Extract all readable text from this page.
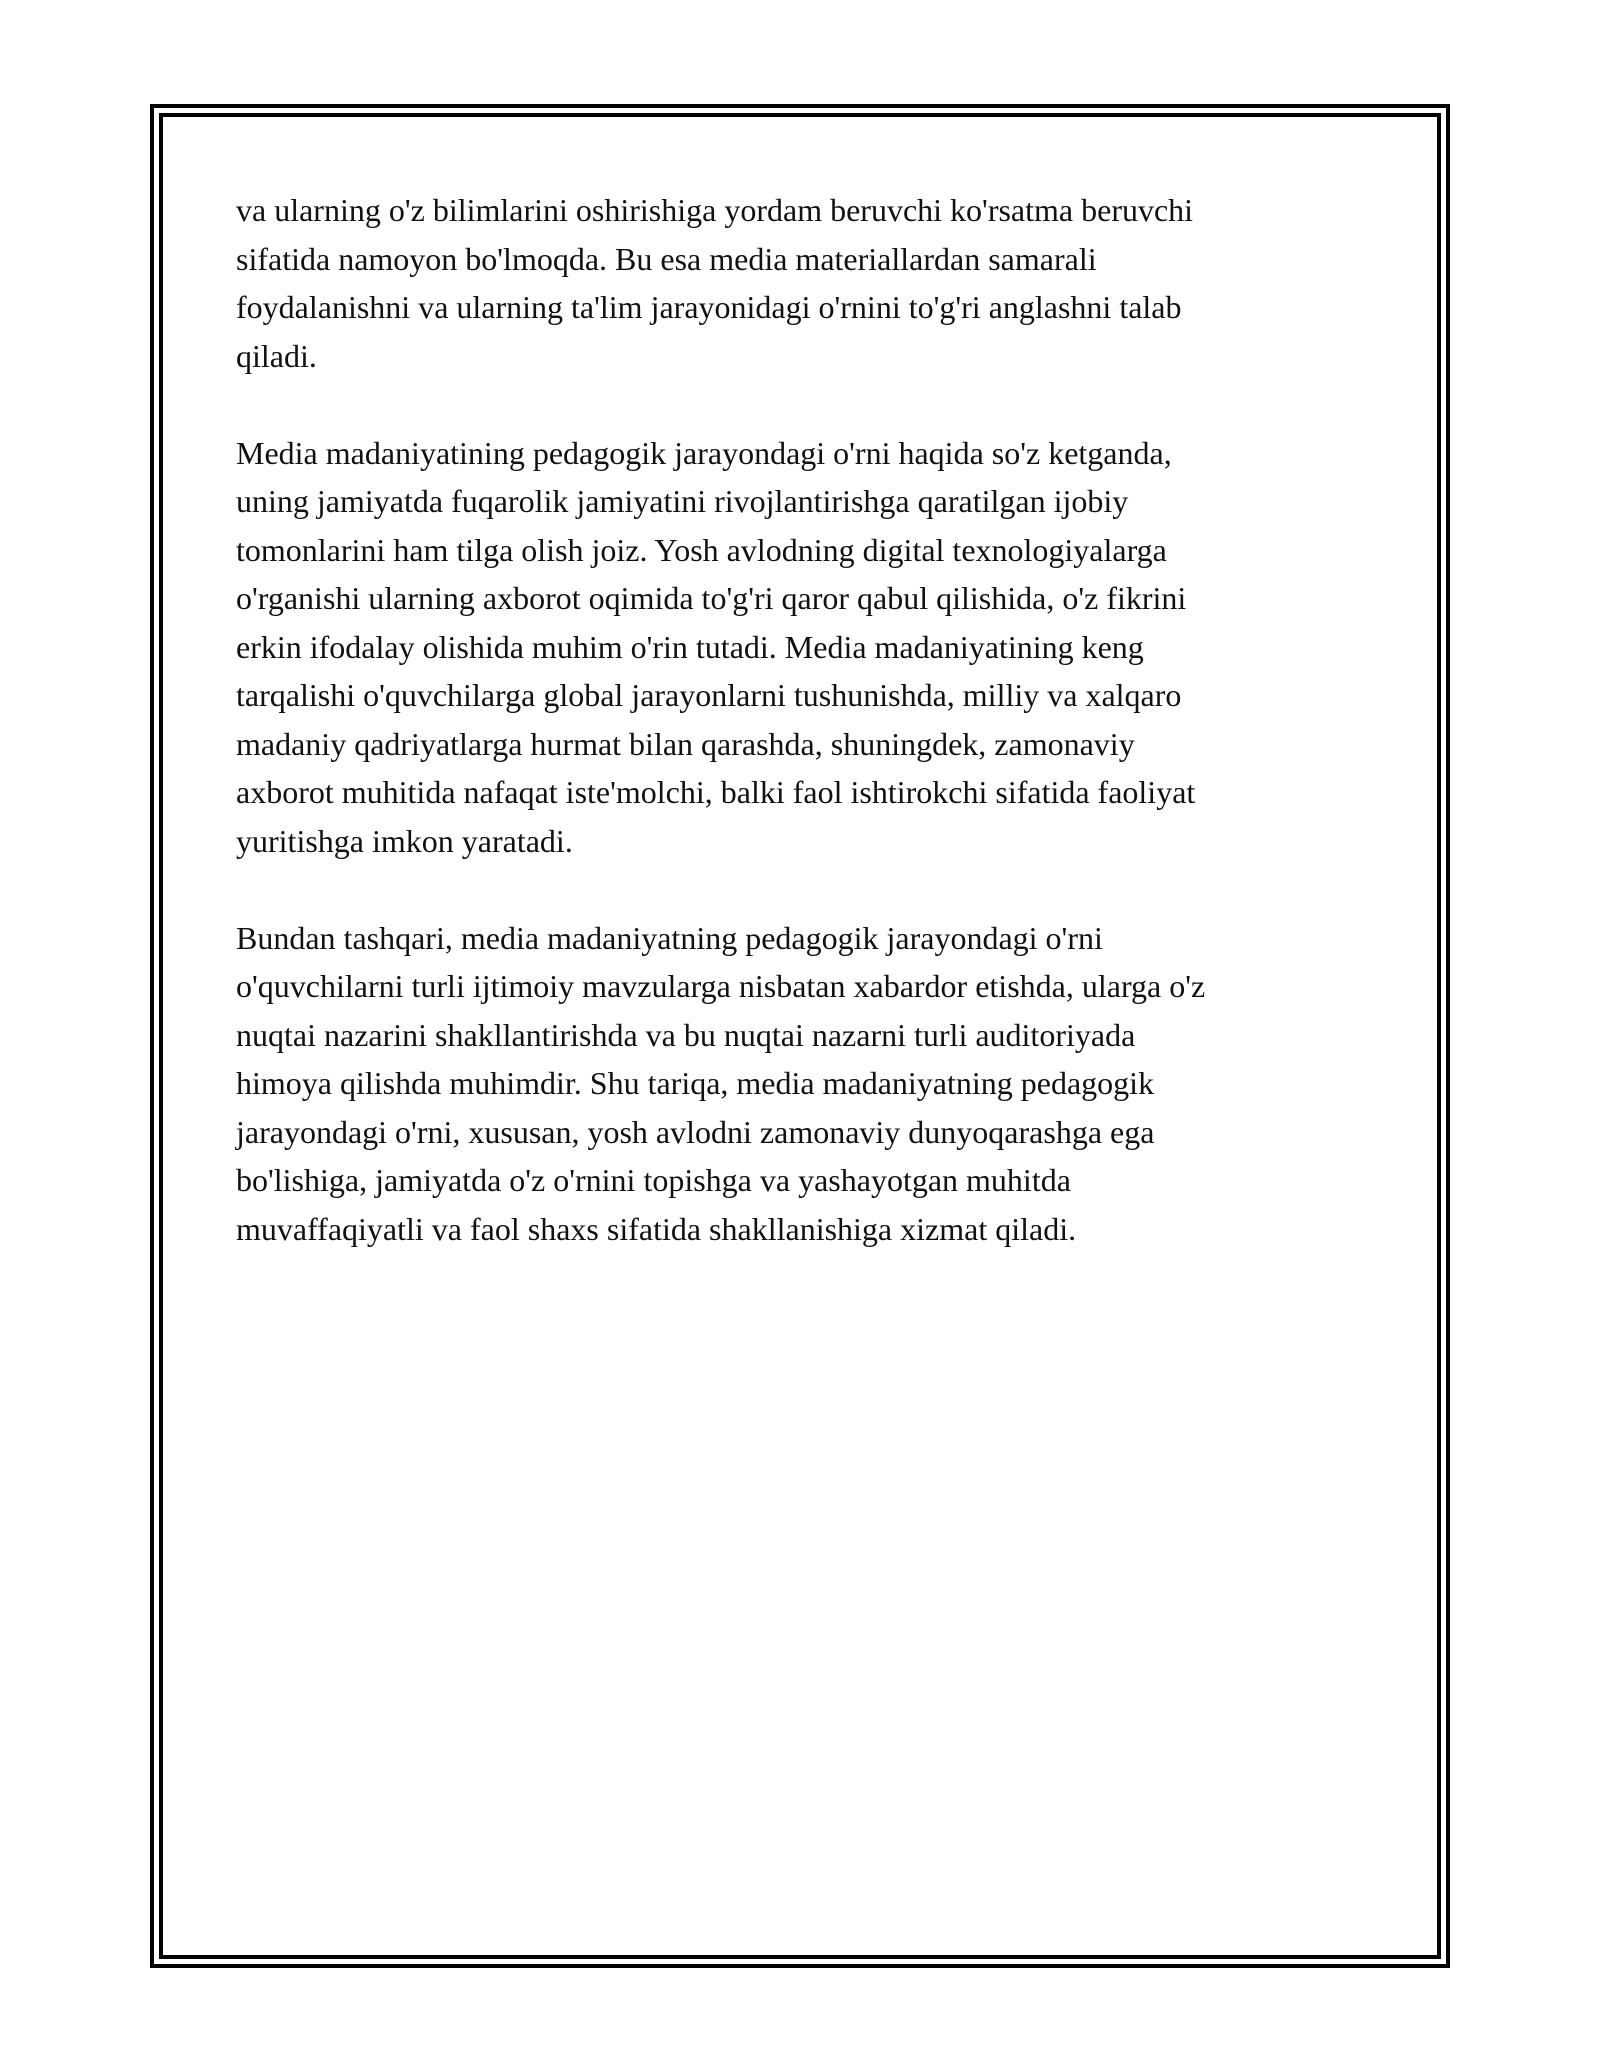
va ularning o'z bilimlarini oshirishiga yordam beruvchi ko'rsatma beruvchi
sifatida namoyon bo'lmoqda. Bu esa media materiallardan samarali
foydalanishni va ularning ta'lim jarayonidagi o'rnini to'g'ri anglashni talab
qiladi.

Media madaniyatining pedagogik jarayondagi o'rni haqida so'z ketganda,
uning jamiyatda fuqarolik jamiyatini rivojlantirishga qaratilgan ijobiy
tomonlarini ham tilga olish joiz. Yosh avlodning digital texnologiyalarga
o'rganishi ularning axborot oqimida to'g'ri qaror qabul qilishida, o'z fikrini
erkin ifodalay olishida muhim o'rin tutadi. Media madaniyatining keng
tarqalishi o'quvchilarga global jarayonlarni tushunishda, milliy va xalqaro
madaniy qadriyatlarga hurmat bilan qarashda, shuningdek, zamonaviy
axborot muhitida nafaqat iste'molchi, balki faol ishtirokchi sifatida faoliyat
yuritishga imkon yaratadi.

Bundan tashqari, media madaniyatning pedagogik jarayondagi o'rni
o'quvchilarni turli ijtimoiy mavzularga nisbatan xabardor etishda, ularga o'z
nuqtai nazarini shakllantirishda va bu nuqtai nazarni turli auditoriyada
himoya qilishda muhimdir. Shu tariqa, media madaniyatning pedagogik
jarayondagi o'rni, xususan, yosh avlodni zamonaviy dunyoqarashga ega
bo'lishiga, jamiyatda o'z o'rnini topishga va yashayotgan muhitda
muvaffaqiyatli va faol shaxs sifatida shakllanishiga xizmat qiladi.
